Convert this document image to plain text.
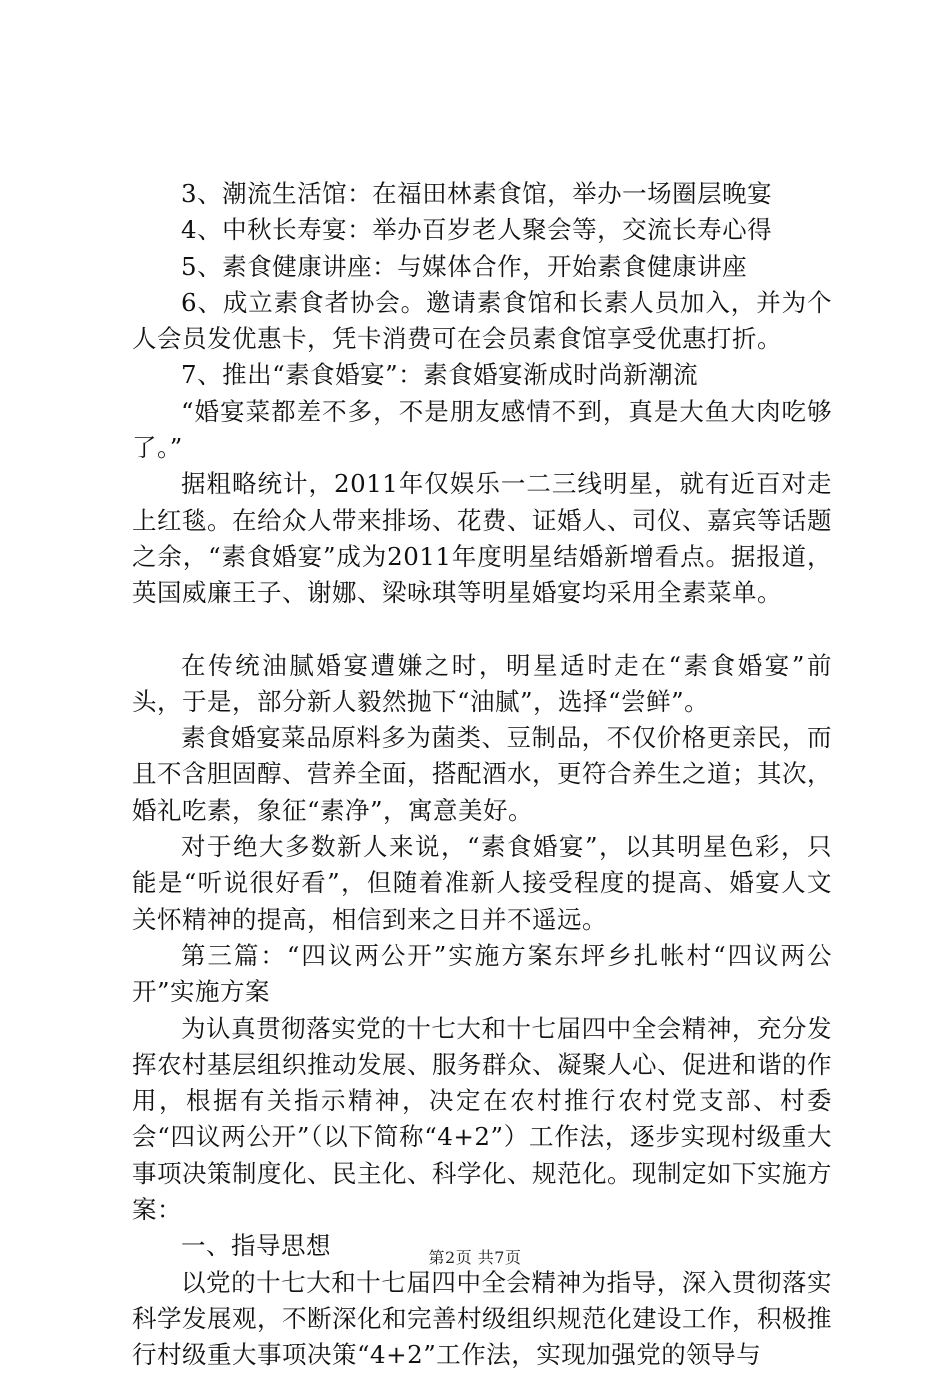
3、潮流生活馆：在福田林素食馆，举办一场圈层晚宴

4、中秋长寿宴：举办百岁老人聚会等，交流长寿心得

5、素食健康讲座：与媒体合作，开始素食健康讲座

6、成立素食者协会。邀请素食馆和长素人员加入，并为个人会员发优惠卡，凭卡消费可在会员素食馆享受优惠打折。

7、推出“素食婚宴”：素食婚宴渐成时尚新潮流

“婚宴菜都差不多，不是朋友感情不到，真是大鱼大肉吃够了。”

据粗略统计，2011年仅娱乐一二三线明星，就有近百对走上红毯。在给众人带来排场、花费、证婚人、司仪、嘉宾等话题之余，“素食婚宴”成为2011年度明星结婚新增看点。据报道，英国威廉王子、谢娜、梁咏琪等明星婚宴均采用全素菜单。

在传统油腻婚宴遭嫌之时，明星适时走在“素食婚宴”前头，于是，部分新人毅然抛下“油腻”，选择“尝鲜”。

素食婚宴菜品原料多为菌类、豆制品，不仅价格更亲民，而且不含胆固醇、营养全面，搭配酒水，更符合养生之道；其次，婚礼吃素，象征“素净”，寓意美好。

对于绝大多数新人来说，“素食婚宴”，以其明星色彩，只能是“听说很好看”，但随着准新人接受程度的提高、婚宴人文关怀精神的提高，相信到来之日并不遥远。

第三篇：“四议两公开”实施方案东坪乡扎帐村“四议两公开”实施方案

为认真贯彻落实党的十七大和十七届四中全会精神，充分发挥农村基层组织推动发展、服务群众、凝聚人心、促进和谐的作用，根据有关指示精神，决定在农村推行农村党支部、村委会“四议两公开”（以下简称“4+2”）工作法，逐步实现村级重大事项决策制度化、民主化、科学化、规范化。现制定如下实施方案：

一、指导思想

以党的十七大和十七届四中全会精神为指导，深入贯彻落实科学发展观，不断深化和完善村级组织规范化建设工作，积极推行村级重大事项决策“4+2”工作法，实现加强党的领导与

第2页 共7页
